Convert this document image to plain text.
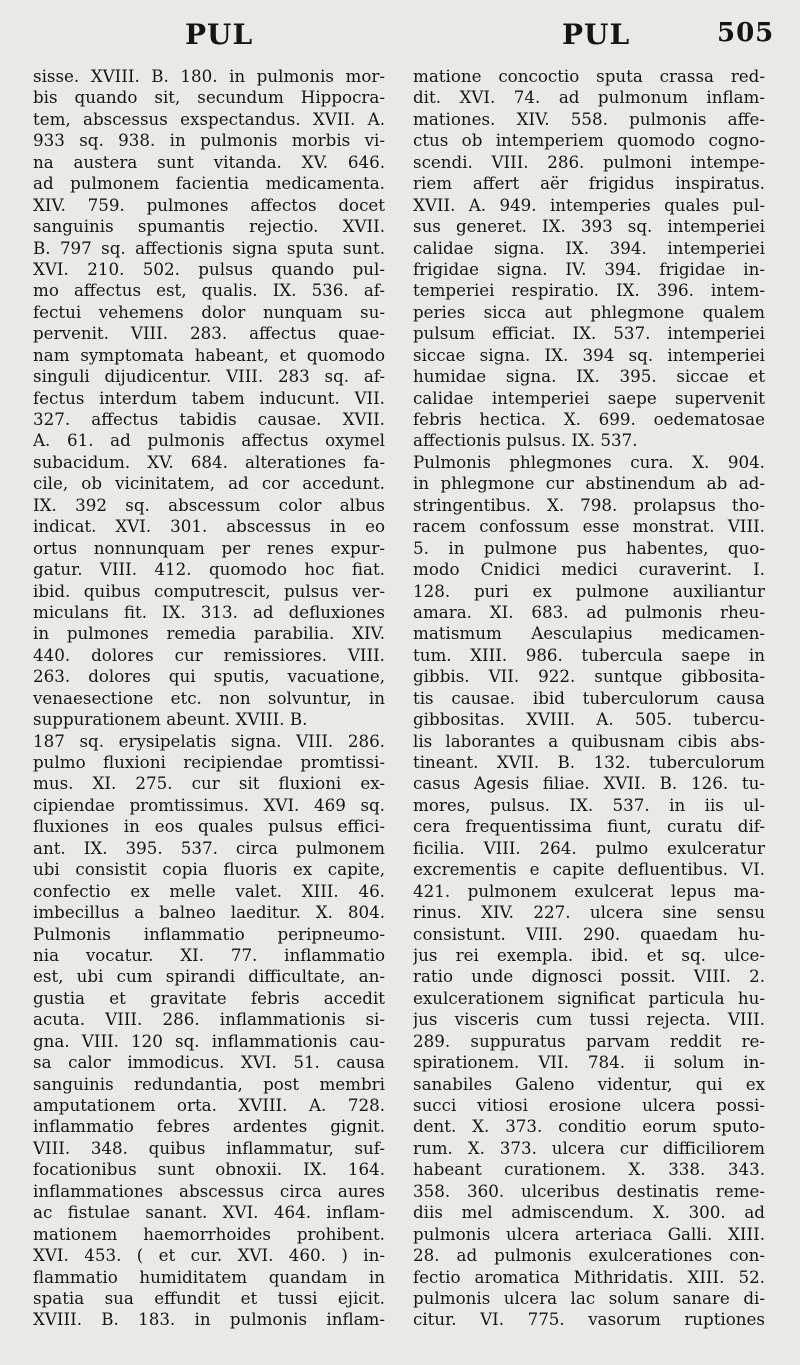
PUL	PUL	505
sisse. XVIII. B. 180. in pulmonis mor-
bis quando sit, secundum Hippocra-
tem, abscessus exspectandus. XVII. A.
933 sq. 938. in pulmonis morbis vi-
na austera sunt vitanda. XV. 646.
ad pulmonem facientia medicamenta.
XIV. 759. pulmones affectos docet
sanguinis spumantis rejectio. XVII.
B. 797 sq. affectionis signa sputa sunt.
XVI. 210. 502. pulsus quando pul-
mo affectus est, qualis. IX. 536. af-
fectui vehemens dolor nunquam su-
pervenit. VIII. 283. affectus quae-
nam symptomata habeant, et quomodo
singuli dijudicentur. VIII. 283 sq. af-
fectus interdum tabem inducunt. VII.
327. affectus tabidis causae. XVII.
A. 61. ad pulmonis affectus oxymel
subacidum. XV. 684. alterationes fa-
cile, ob vicinitatem, ad cor accedunt.
IX. 392 sq. abscessum color albus
indicat. XVI. 301. abscessus in eo
ortus nonnunquam per renes expur-
gatur. VIII. 412. quomodo hoc fiat.
ibid. quibus computrescit, pulsus ver-
miculans fit. IX. 313. ad defluxiones
in pulmones remedia parabilia. XIV.
440. dolores cur remissiores. VIII.
263. dolores qui sputis, vacuatione,
venaesectione etc. non solvuntur, in
suppurationem abeunt. XVIII. B.
187 sq. erysipelatis signa. VIII. 286.
pulmo fluxioni recipiendae promtissi-
mus. XI. 275. cur sit fluxioni ex-
cipiendae promtissimus. XVI. 469 sq.
fluxiones in eos quales pulsus effici-
ant. IX. 395. 537. circa pulmonem
ubi consistit copia fluoris ex capite,
confectio ex melle valet. XIII. 46.
imbecillus a balneo laeditur. X. 804.
Pulmonis inflammatio peripneumo-
nia vocatur. XI. 77. inflammatio
est, ubi cum spirandi difficultate, an-
gustia et gravitate febris accedit
acuta. VIII. 286. inflammationis si-
gna. VIII. 120 sq. inflammationis cau-
sa calor immodicus. XVI. 51. causa
sanguinis redundantia, post membri
amputationem orta. XVIII. A. 728.
inflammatio febres ardentes gignit.
VIII. 348. quibus inflammatur, suf-
focationibus sunt obnoxii. IX. 164.
inflammationes abscessus circa aures
ac fistulae sanant. XVI. 464. inflam-
mationem haemorrhoides prohibent.
XVI. 453. ( et cur. XVI. 460. ) in-
flammatio humiditatem quandam in
spatia sua effundit et tussi ejicit.
XVIII. B. 183. in pulmonis inflam-
matione concoctio sputa crassa red-
dit. XVI. 74. ad pulmonum inflam-
mationes. XIV. 558. pulmonis affe-
ctus ob intemperiem quomodo cogno-
scendi. VIII. 286. pulmoni intempe-
riem affert aër frigidus inspiratus.
XVII. A. 949. intemperies quales pul-
sus generet. IX. 393 sq. intemperiei
calidae signa. IX. 394. intemperiei
frigidae signa. IV. 394. frigidae in-
temperiei respiratio. IX. 396. intem-
peries sicca aut phlegmone qualem
pulsum efficiat. IX. 537. intemperiei
siccae signa. IX. 394 sq. intemperiei
humidae signa. IX. 395. siccae et
calidae intemperiei saepe supervenit
febris hectica. X. 699. oedematosae
affectionis pulsus. IX. 537.
Pulmonis phlegmones cura. X. 904.
in phlegmone cur abstinendum ab ad-
stringentibus. X. 798. prolapsus tho-
racem confossum esse monstrat. VIII.
5. in pulmone pus habentes, quo-
modo Cnidici medici curaverint. I.
128. puri ex pulmone auxiliantur
amara. XI. 683. ad pulmonis rheu-
matismum Aesculapius medicamen-
tum. XIII. 986. tubercula saepe in
gibbis. VII. 922. suntque gibbosita-
tis causae. ibid tuberculorum causa
gibbositas. XVIII. A. 505. tubercu-
lis laborantes a quibusnam cibis abs-
tineant. XVII. B. 132. tuberculorum
casus Agesis filiae. XVII. B. 126. tu-
mores, pulsus. IX. 537. in iis ul-
cera frequentissima fiunt, curatu dif-
ficilia. VIII. 264. pulmo exulceratur
excrementis e capite defluentibus. VI.
421. pulmonem exulcerat lepus ma-
rinus. XIV. 227. ulcera sine sensu
consistunt. VIII. 290. quaedam hu-
jus rei exempla. ibid. et sq. ulce-
ratio unde dignosci possit. VIII. 2.
exulcerationem significat particula hu-
jus visceris cum tussi rejecta. VIII.
289. suppuratus parvam reddit re-
spirationem. VII. 784. ii solum in-
sanabiles Galeno videntur, qui ex
succi vitiosi erosione ulcera possi-
dent. X. 373. conditio eorum sputo-
rum. X. 373. ulcera cur difficiliorem
habeant curationem. X. 338. 343.
358. 360. ulceribus destinatis reme-
diis mel admiscendum. X. 300. ad
pulmonis ulcera arteriaca Galli. XIII.
28. ad pulmonis exulcerationes con-
fectio aromatica Mithridatis. XIII. 52.
pulmonis ulcera lac solum sanare di-
citur. VI. 775. vasorum ruptiones
